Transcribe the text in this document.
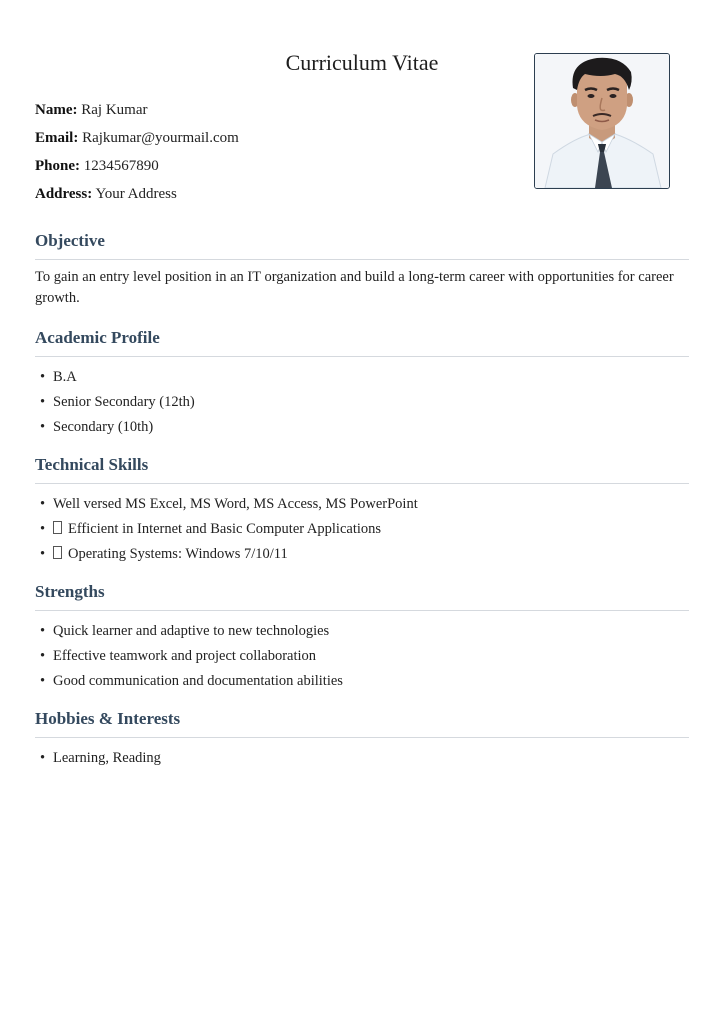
Curriculum Vitae
Name: Raj Kumar
Email: Rajkumar@yourmail.com
Phone: 1234567890
Address: Your Address
Objective

To gain an entry level position in an IT organization and build a long-term career with opportunities for career growth.

Academic Profile
• B.A
• Senior Secondary (12th)
• Secondary (10th)
Technical Skills
• Well versed MS Excel, MS Word, MS Access, MS PowerPoint
• Efficient in Internet and Basic Computer Applications
• Operating Systems: Windows 7/10/11
Strengths
• Quick learner and adaptive to new technologies
• Effective teamwork and project collaboration
• Good communication and documentation abilities
Hobbies & Interests
• Learning, Reading
